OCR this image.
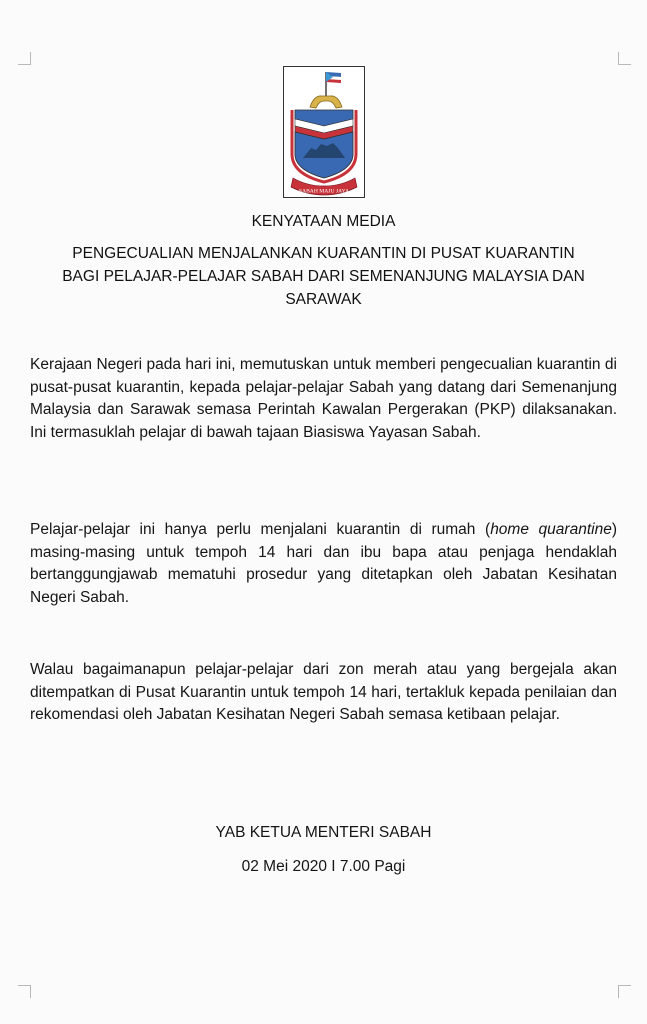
SABAH MAJU JAYA
KENYATAAN MEDIA
PENGECUALIAN MENJALANKAN KUARANTIN DI PUSAT KUARANTIN
BAGI PELAJAR-PELAJAR SABAH DARI SEMENANJUNG MALAYSIA DAN
SARAWAK
Kerajaan Negeri pada hari ini, memutuskan untuk memberi pengecualian kuarantin di pusat-pusat kuarantin, kepada pelajar-pelajar Sabah yang datang dari Semenanjung Malaysia dan Sarawak semasa Perintah Kawalan Pergerakan (PKP) dilaksanakan. Ini termasuklah pelajar di bawah tajaan Biasiswa Yayasan Sabah.
Pelajar-pelajar ini hanya perlu menjalani kuarantin di rumah (home quarantine) masing-masing untuk tempoh 14 hari dan ibu bapa atau penjaga hendaklah bertanggungjawab mematuhi prosedur yang ditetapkan oleh Jabatan Kesihatan Negeri Sabah.
Walau bagaimanapun pelajar-pelajar dari zon merah atau yang bergejala akan ditempatkan di Pusat Kuarantin untuk tempoh 14 hari, tertakluk kepada penilaian dan rekomendasi oleh Jabatan Kesihatan Negeri Sabah semasa ketibaan pelajar.
YAB KETUA MENTERI SABAH
02 Mei 2020 I 7.00 Pagi
